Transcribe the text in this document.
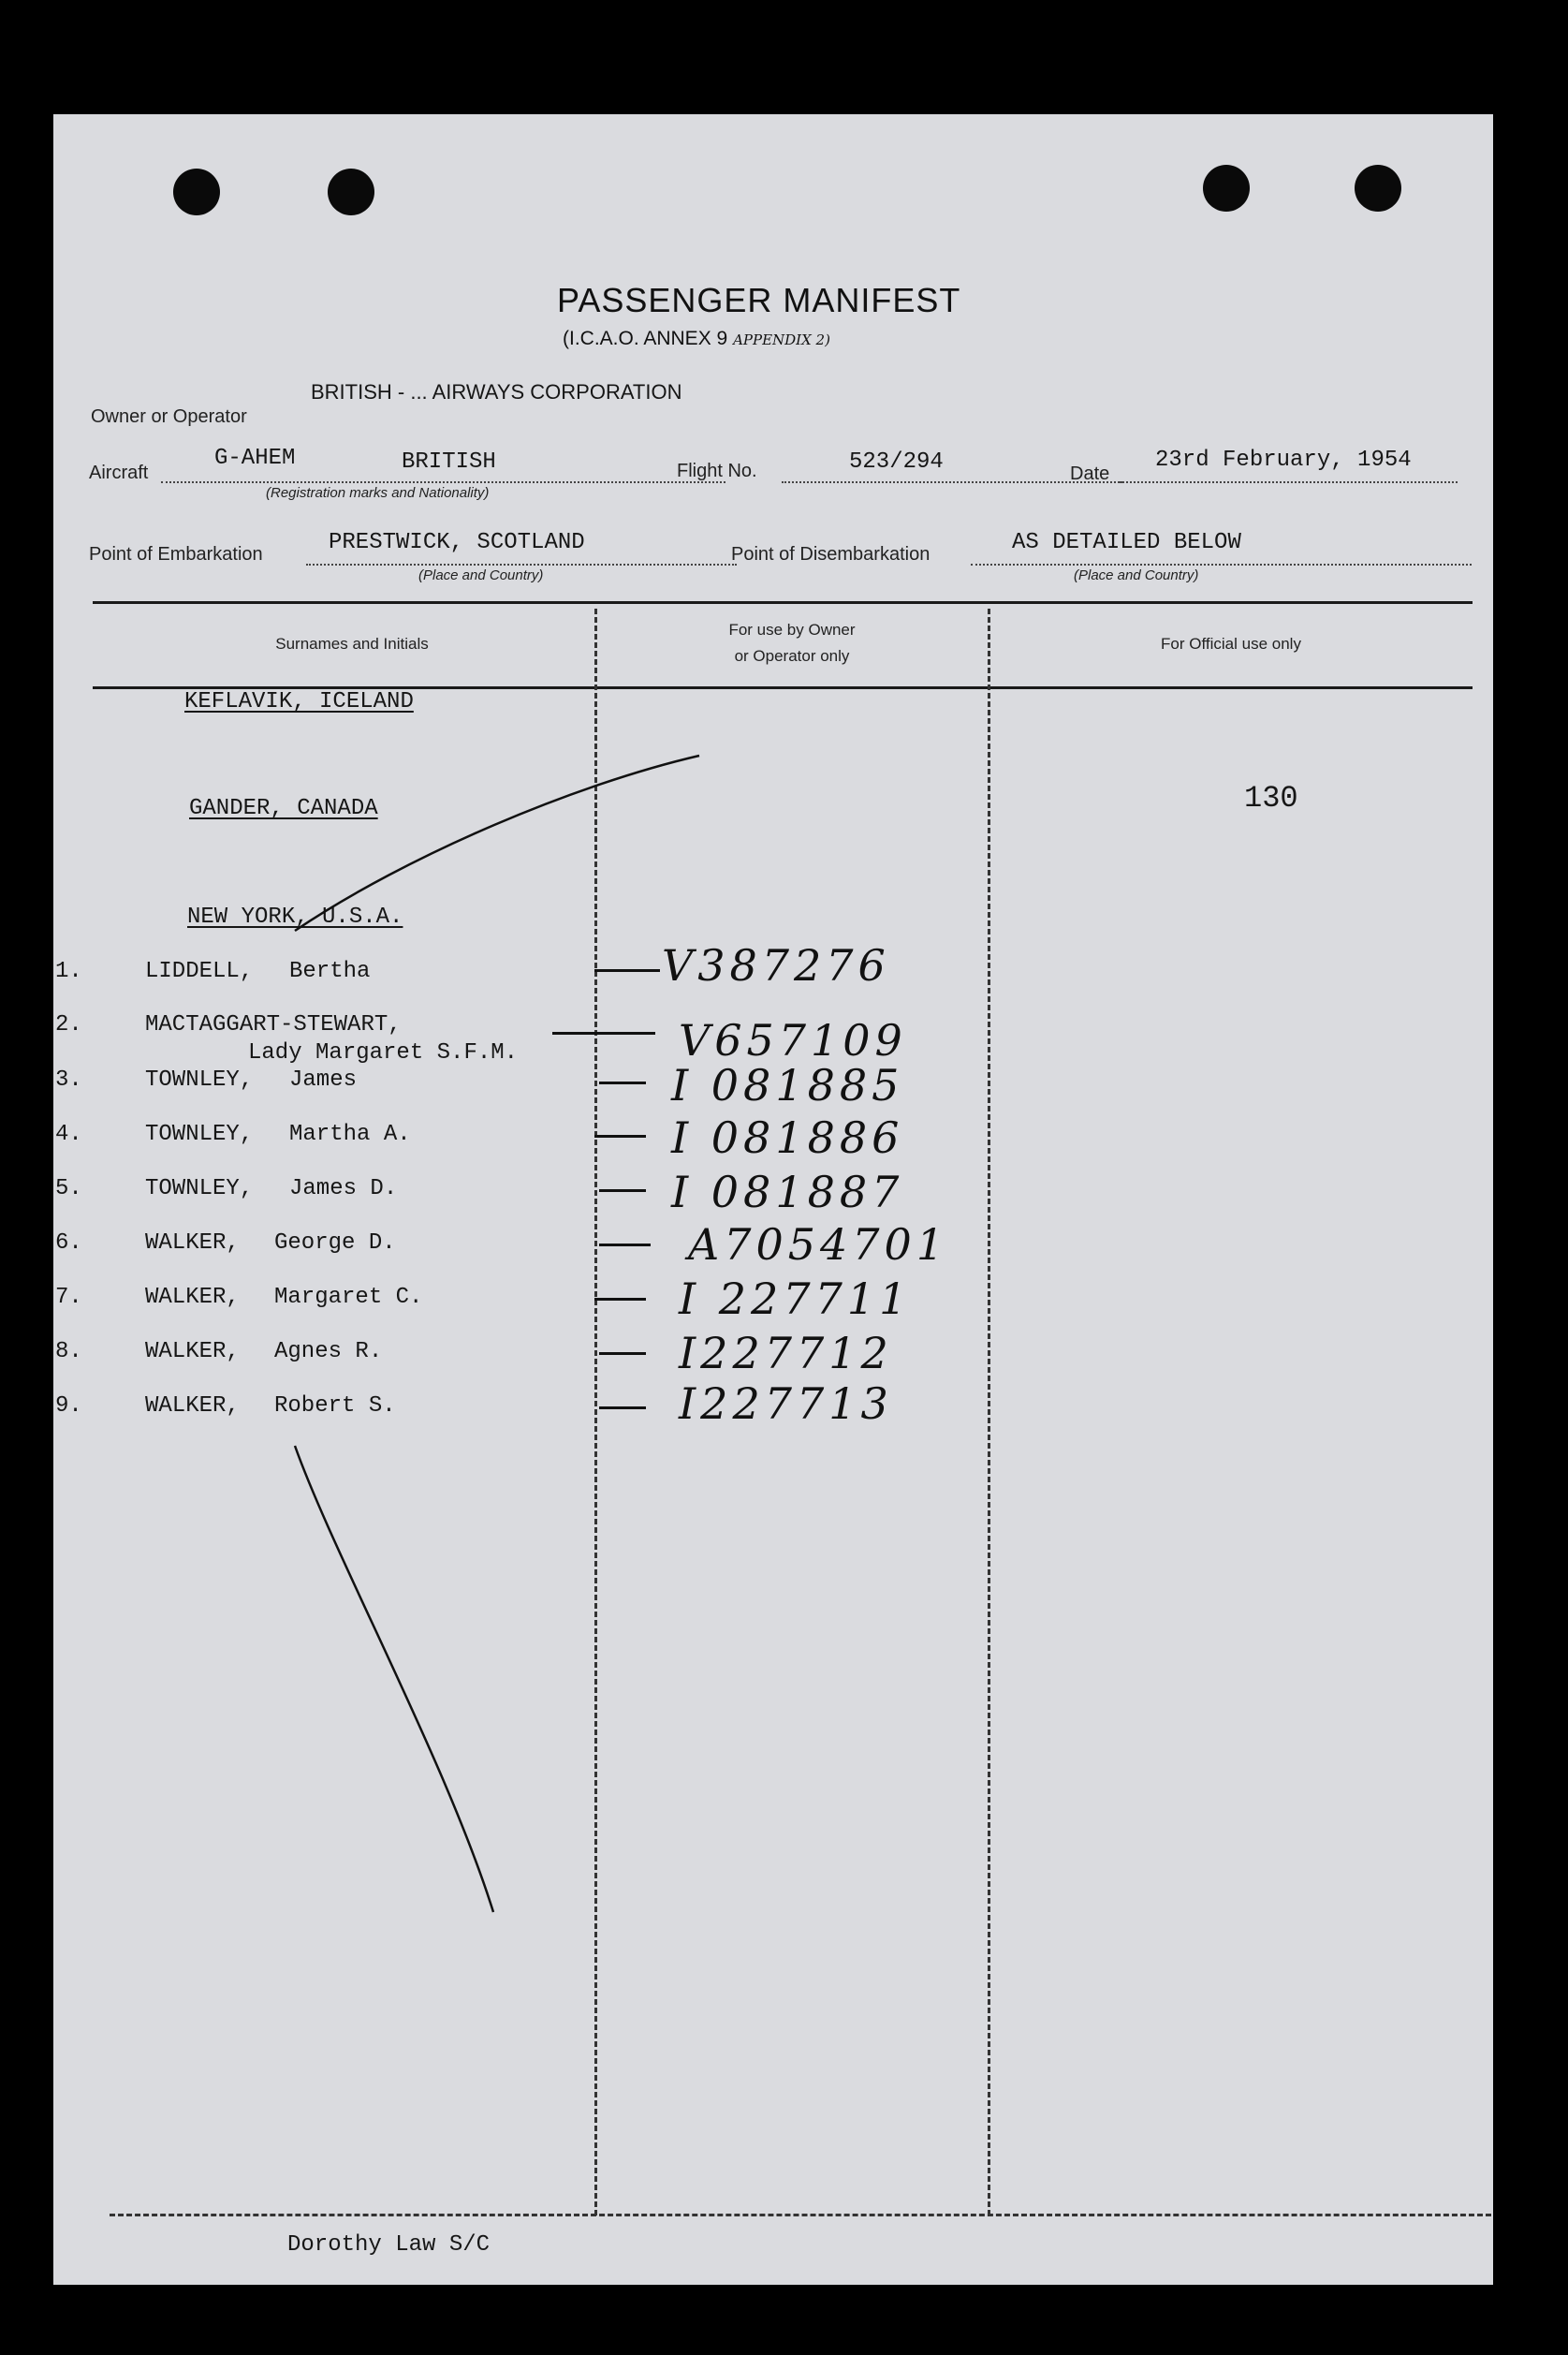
PASSENGER MANIFEST
(I.C.A.O. ANNEX 9 APPENDIX 2)
Owner or Operator
BRITISH - ... AIRWAYS CORPORATION
Aircraft
G-AHEM	BRITISH
(Registration marks and Nationality)
Flight No.	523/294	Date
23rd February, 1954
Point of Embarkation	PRESTWICK, SCOTLAND
(Place and Country)
Point of Disembarkation	AS DETAILED BELOW
(Place and Country)
Surnames and Initials
For use by Owner
or Operator only
For Official use only
KEFLAVIK, ICELAND
GANDER, CANADA
NEW YORK, U.S.A.
130
1.	LIDDELL, Bertha	V387276
2.	MACTAGGART-STEWART,
Lady Margaret S.F.M.	V657109
3.	TOWNLEY, James	I 081885
4.	TOWNLEY, Martha A.	I 081886
5.	TOWNLEY, James D.	I 081887
6.	WALKER, George D.	A7054701
7.	WALKER, Margaret C.	I 227711
8.	WALKER, Agnes R.	I227712
9.	WALKER, Robert S.	I227713
Dorothy Law S/C
